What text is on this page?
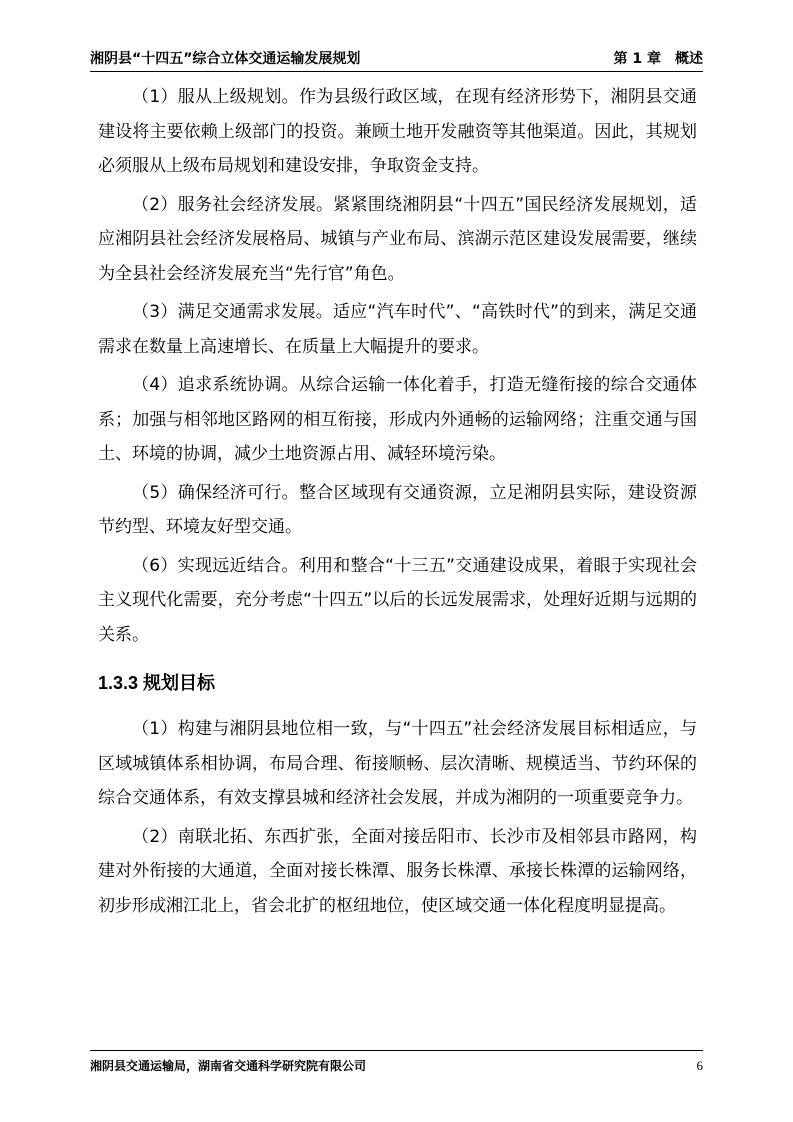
湘阴县“十四五”综合立体交通运输发展规划	第 1 章　概述

（1）服从上级规划。作为县级行政区域，在现有经济形势下，湘阴县交通建设将主要依赖上级部门的投资。兼顾土地开发融资等其他渠道。因此，其规划必须服从上级布局规划和建设安排，争取资金支持。

（2）服务社会经济发展。紧紧围绕湘阴县“十四五”国民经济发展规划，适应湘阴县社会经济发展格局、城镇与产业布局、滨湖示范区建设发展需要，继续为全县社会经济发展充当“先行官”角色。

（3）满足交通需求发展。适应“汽车时代”、“高铁时代”的到来，满足交通需求在数量上高速增长、在质量上大幅提升的要求。

（4）追求系统协调。从综合运输一体化着手，打造无缝衔接的综合交通体系；加强与相邻地区路网的相互衔接，形成内外通畅的运输网络；注重交通与国土、环境的协调，减少土地资源占用、减轻环境污染。

（5）确保经济可行。整合区域现有交通资源，立足湘阴县实际，建设资源节约型、环境友好型交通。

（6）实现远近结合。利用和整合“十三五”交通建设成果，着眼于实现社会主义现代化需要，充分考虑“十四五”以后的长远发展需求，处理好近期与远期的关系。

1.3.3 规划目标

（1）构建与湘阴县地位相一致，与“十四五”社会经济发展目标相适应，与区域城镇体系相协调，布局合理、衔接顺畅、层次清晰、规模适当、节约环保的综合交通体系，有效支撑县城和经济社会发展，并成为湘阴的一项重要竞争力。

（2）南联北拓、东西扩张，全面对接岳阳市、长沙市及相邻县市路网，构建对外衔接的大通道，全面对接长株潭、服务长株潭、承接长株潭的运输网络，初步形成湘江北上，省会北扩的枢纽地位，使区域交通一体化程度明显提高。

湘阴县交通运输局，湖南省交通科学研究院有限公司	6
